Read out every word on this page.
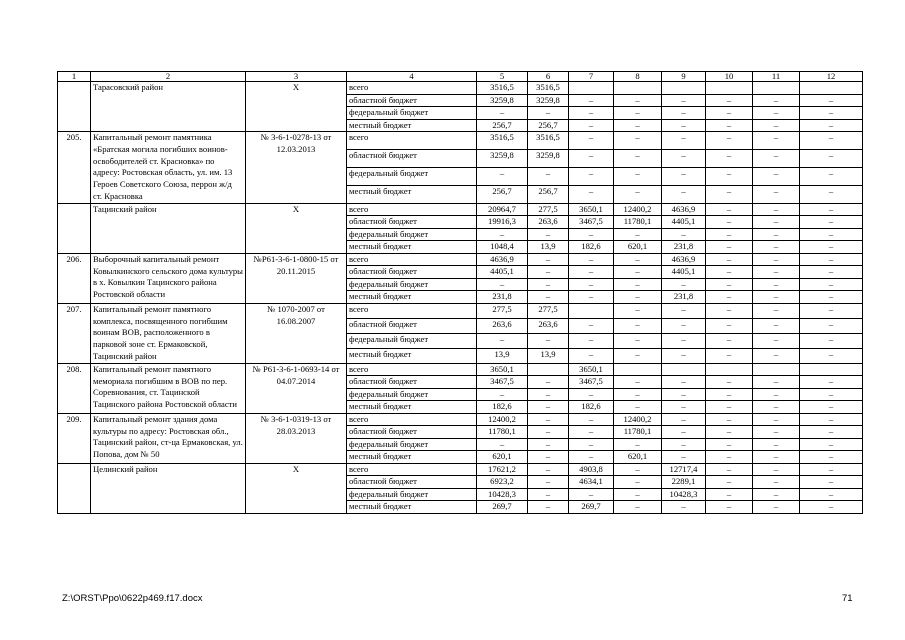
1	2	3	4	5	6	7	8	9	10	11	12
	Тарасовский район	Х	всего	3516,5	3516,5						
			областной бюджет	3259,8	3259,8	–	–	–	–	–	–
			федеральный бюджет	–	–	–	–	–	–	–	–
			местный бюджет	256,7	256,7	–	–	–	–	–	–
205.	Капитальный ремонт памятника «Братская могила погибших воинов-освободителей ст. Красновка» по адресу: Ростовская область, ул. им. 13 Героев Советского Союза, перрон ж/д ст. Красновка	№ 3-6-1-0278-13 от 12.03.2013	всего	3516,5	3516,5	–	–	–	–	–	–
			областной бюджет	3259,8	3259,8	–	–	–	–	–	–
			федеральный бюджет	–	–	–	–	–	–	–	–
			местный бюджет	256,7	256,7	–	–	–	–	–	–
	Тацинский район	Х	всего	20964,7	277,5	3650,1	12400,2	4636,9	–	–	–
			областной бюджет	19916,3	263,6	3467,5	11780,1	4405,1	–	–	–
			федеральный бюджет	–	–	–	–	–	–	–	–
			местный бюджет	1048,4	13,9	182,6	620,1	231,8	–	–	–
206.	Выборочный капитальный ремонт Ковылкинского сельского дома культуры в х. Ковылкин Тацинского района Ростовской области	№Р61-3-6-1-0800-15 от 20.11.2015	всего	4636,9	–	–	–	4636,9	–	–	–
			областной бюджет	4405,1	–	–	–	4405,1	–	–	–
			федеральный бюджет	–	–	–	–	–	–	–	–
			местный бюджет	231,8	–	–	–	231,8	–	–	–
207.	Капитальный ремонт памятного комплекса, посвященного погибшим воинам ВОВ, расположенного в парковой зоне ст. Ермаковской, Тацинский район	№ 1070-2007 от 16.08.2007	всего	277,5	277,5		–	–	–	–	–
			областной бюджет	263,6	263,6	–	–	–	–	–	–
			федеральный бюджет	–	–	–	–	–	–	–	–
			местный бюджет	13,9	13,9	–	–	–	–	–	–
208.	Капитальный ремонт памятного мемориала погибшим в ВОВ по пер. Соревнования, ст. Тацинской Тацинского района Ростовской области	№ Р61-3-6-1-0693-14 от 04.07.2014	всего	3650,1		3650,1					
			областной бюджет	3467,5	–	3467,5	–	–	–	–	–
			федеральный бюджет	–	–	–	–	–	–	–	–
			местный бюджет	182,6	–	182,6	–	–	–	–	–
209.	Капитальный ремонт здания дома культуры по адресу: Ростовская обл., Тацинский район, ст-ца Ермаковская, ул. Попова, дом № 50	№ 3-6-1-0319-13 от 28.03.2013	всего	12400,2	–	–	12400,2	–	–	–	–
			областной бюджет	11780,1	–	–	11780,1	–	–	–	–
			федеральный бюджет	–	–	–	–	–	–	–	–
			местный бюджет	620,1	–	–	620,1	–	–	–	–
	Целинский район	Х	всего	17621,2	–	4903,8	–	12717,4	–	–	–
			областной бюджет	6923,2	–	4634,1	–	2289,1	–	–	–
			федеральный бюджет	10428,3	–	–	–	10428,3	–	–	–
			местный бюджет	269,7	–	269,7	–	–	–	–	–
Z:\ORST\Ppo\0622p469.f17.docx	71
